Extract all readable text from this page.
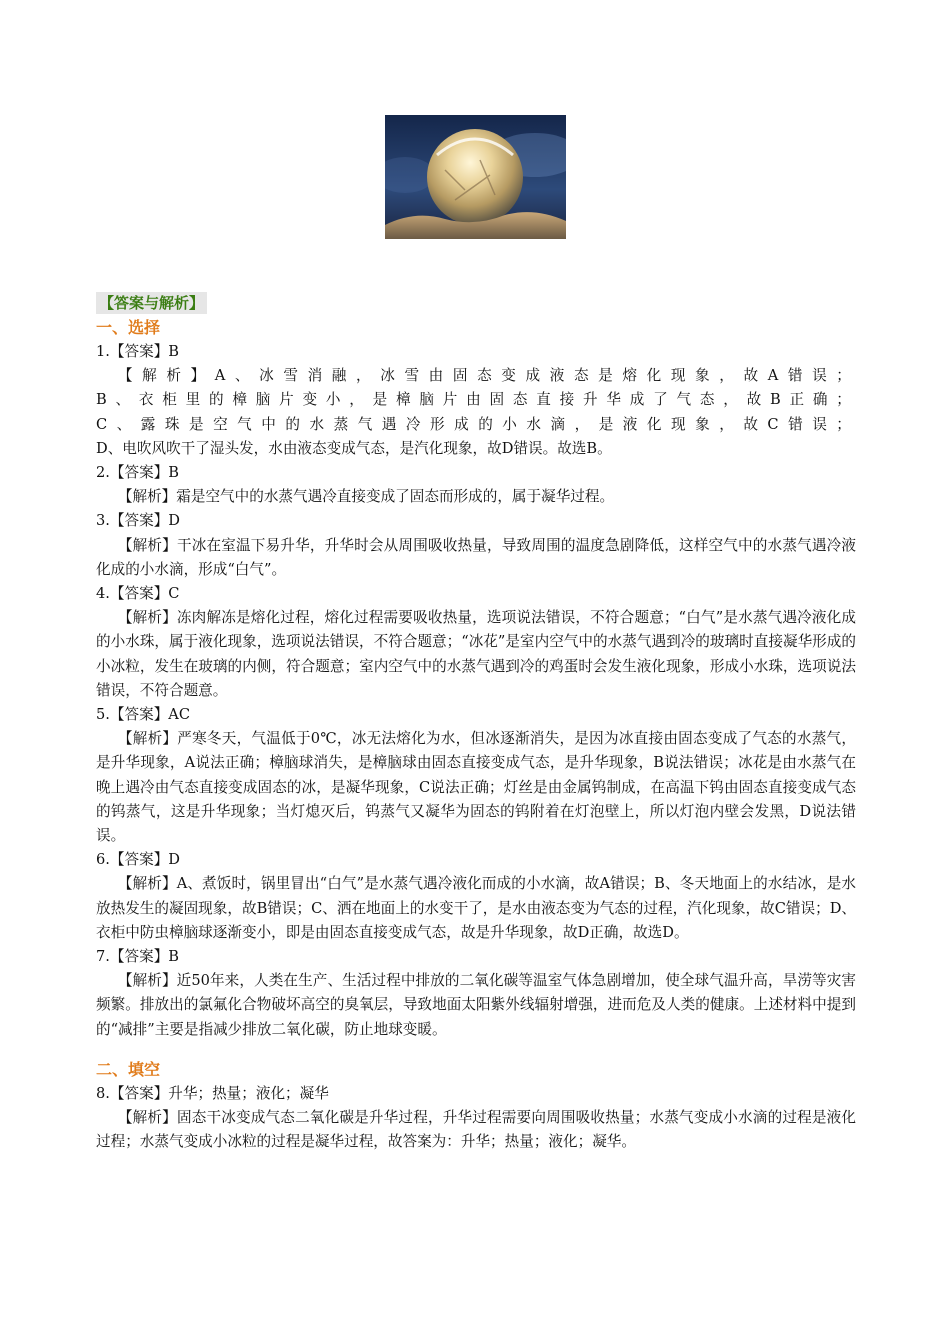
【答案与解析】
一、选择
1.【答案】B
【解析】A、冰雪消融，冰雪由固态变成液态是熔化现象，故A错误；
B、衣柜里的樟脑片变小，是樟脑片由固态直接升华成了气态，故B正确；
C、露珠是空气中的水蒸气遇冷形成的小水滴，是液化现象，故C错误；
D、电吹风吹干了湿头发，水由液态变成气态，是汽化现象，故D错误。故选B。
2.【答案】B
【解析】霜是空气中的水蒸气遇冷直接变成了固态而形成的，属于凝华过程。
3.【答案】D
【解析】干冰在室温下易升华，升华时会从周围吸收热量，导致周围的温度急剧降低，这样空气中的水蒸气遇冷液化成的小水滴，形成“白气”。
4.【答案】C
【解析】冻肉解冻是熔化过程，熔化过程需要吸收热量，选项说法错误，不符合题意；“白气”是水蒸气遇冷液化成的小水珠，属于液化现象，选项说法错误，不符合题意；“冰花”是室内空气中的水蒸气遇到冷的玻璃时直接凝华形成的小冰粒，发生在玻璃的内侧，符合题意；室内空气中的水蒸气遇到冷的鸡蛋时会发生液化现象，形成小水珠，选项说法错误，不符合题意。
5.【答案】AC
【解析】严寒冬天，气温低于0℃，冰无法熔化为水，但冰逐渐消失，是因为冰直接由固态变成了气态的水蒸气，是升华现象，A说法正确；樟脑球消失，是樟脑球由固态直接变成气态，是升华现象，B说法错误；冰花是由水蒸气在晚上遇冷由气态直接变成固态的冰，是凝华现象，C说法正确；灯丝是由金属钨制成，在高温下钨由固态直接变成气态的钨蒸气，这是升华现象；当灯熄灭后，钨蒸气又凝华为固态的钨附着在灯泡壁上，所以灯泡内壁会发黑，D说法错误。
6.【答案】D
【解析】A、煮饭时，锅里冒出“白气”是水蒸气遇冷液化而成的小水滴，故A错误；B、冬天地面上的水结冰，是水放热发生的凝固现象，故B错误；C、洒在地面上的水变干了，是水由液态变为气态的过程，汽化现象，故C错误；D、衣柜中防虫樟脑球逐渐变小，即是由固态直接变成气态，故是升华现象，故D正确，故选D。
7.【答案】B
【解析】近50年来，人类在生产、生活过程中排放的二氧化碳等温室气体急剧增加，使全球气温升高，旱涝等灾害频繁。排放出的氯氟化合物破坏高空的臭氧层，导致地面太阳紫外线辐射增强，进而危及人类的健康。上述材料中提到的“减排”主要是指减少排放二氧化碳，防止地球变暖。
二、填空
8.【答案】升华；热量；液化；凝华
【解析】固态干冰变成气态二氧化碳是升华过程，升华过程需要向周围吸收热量；水蒸气变成小水滴的过程是液化过程；水蒸气变成小冰粒的过程是凝华过程，故答案为：升华；热量；液化；凝华。
